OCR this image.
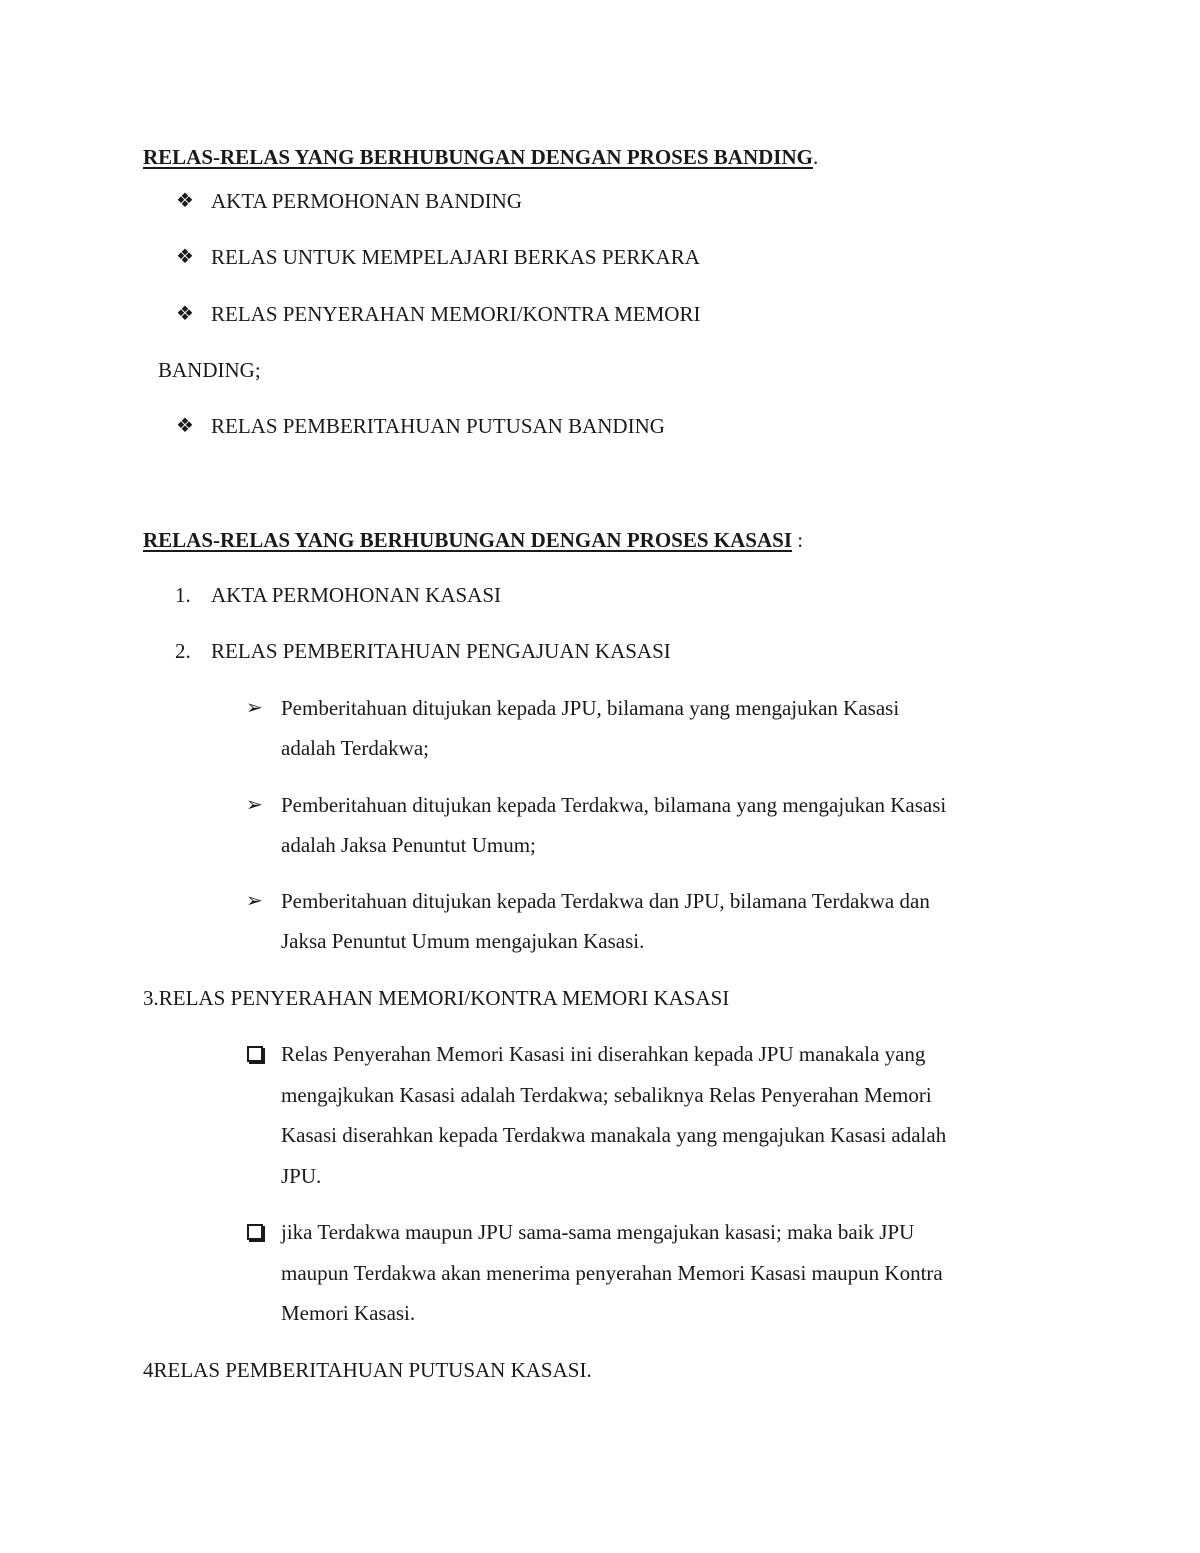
RELAS-RELAS YANG BERHUBUNGAN DENGAN PROSES BANDING.
❖ AKTA PERMOHONAN BANDING
❖ RELAS UNTUK MEMPELAJARI BERKAS PERKARA
❖ RELAS PENYERAHAN MEMORI/KONTRA MEMORI
BANDING;
❖ RELAS PEMBERITAHUAN PUTUSAN BANDING
RELAS-RELAS YANG BERHUBUNGAN DENGAN PROSES KASASI :
1. AKTA PERMOHONAN KASASI
2. RELAS PEMBERITAHUAN PENGAJUAN KASASI
➢ Pemberitahuan ditujukan kepada JPU, bilamana yang mengajukan Kasasi
adalah Terdakwa;
➢ Pemberitahuan ditujukan kepada Terdakwa, bilamana yang mengajukan Kasasi
adalah Jaksa Penuntut Umum;
➢ Pemberitahuan ditujukan kepada Terdakwa dan JPU, bilamana Terdakwa dan
Jaksa Penuntut Umum mengajukan Kasasi.
3.RELAS PENYERAHAN MEMORI/KONTRA MEMORI KASASI
Relas Penyerahan Memori Kasasi ini diserahkan kepada JPU manakala yang
mengajkukan Kasasi adalah Terdakwa; sebaliknya Relas Penyerahan Memori
Kasasi diserahkan kepada Terdakwa manakala yang mengajukan Kasasi adalah
JPU.
jika Terdakwa maupun JPU sama-sama mengajukan kasasi; maka baik JPU
maupun Terdakwa akan menerima penyerahan Memori Kasasi maupun Kontra
Memori Kasasi.
4RELAS PEMBERITAHUAN PUTUSAN KASASI.
